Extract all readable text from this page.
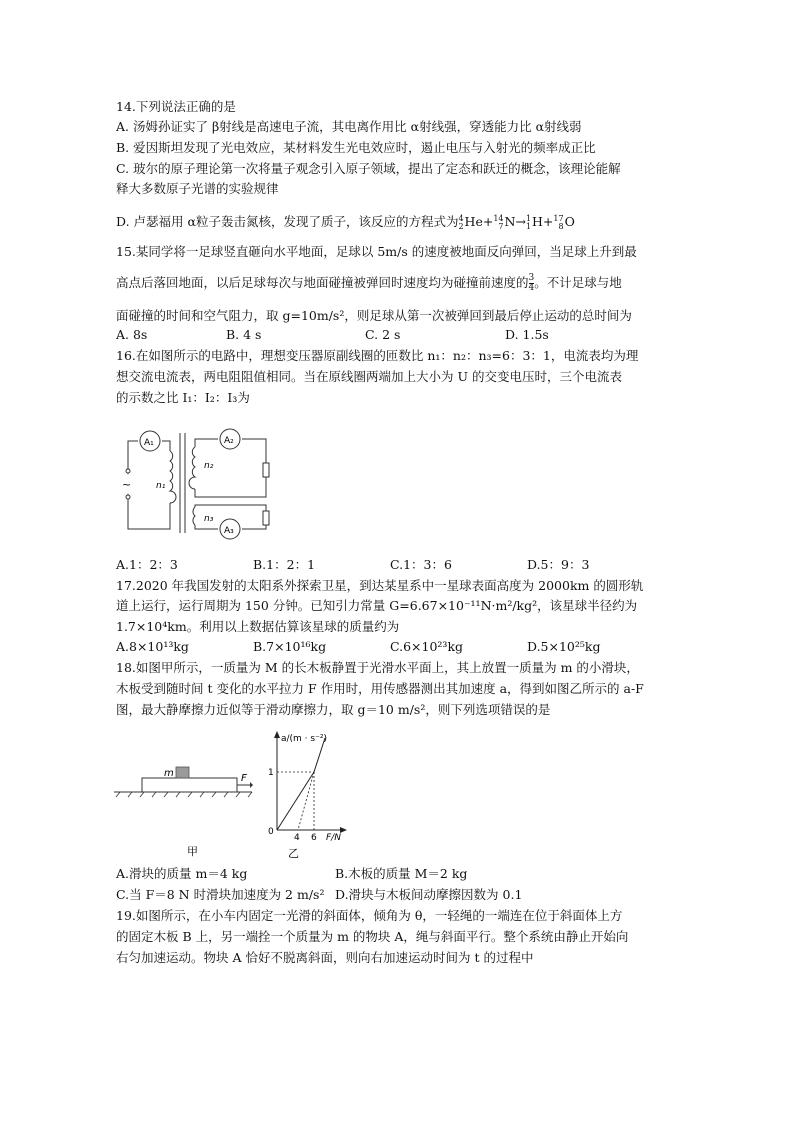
14.下列说法正确的是
A. 汤姆孙证实了 β射线是高速电子流，其电离作用比 α射线强，穿透能力比 α射线弱
B. 爱因斯坦发现了光电效应，某材料发生光电效应时，遏止电压与入射光的频率成正比
C. 玻尔的原子理论第一次将量子观念引入原子领域，提出了定态和跃迁的概念，该理论能解
释大多数原子光谱的实验规律
D. 卢瑟福用 α粒子轰击氮核，发现了质子，该反应的方程式为 4
2 He+ 14
7 N→ 1
1 H+ 17
8 O
15.某同学将一足球竖直砸向水平地面，足球以 5m/s 的速度被地面反向弹回，当足球上升到最
高点后落回地面，以后足球每次与地面碰撞被弹回时速度均为碰撞前速度的 $\frac{3}{4}$ 。不计足球与地
面碰撞的时间和空气阻力，取 g=10m/s²，则足球从第一次被弹回到最后停止运动的总时间为
A. 8s	B. 4 s	C. 2 s	D. 1.5s
16.在如图所示的电路中，理想变压器原副线圈的匝数比 n₁：n₂：n₃=6：3：1，电流表均为理
想交流电流表，两电阻阻值相同。当在原线圈两端加上大小为 U 的交变电压时，三个电流表
的示数之比 I₁：I₂：I₃为
~
A₁	A₂
A₃
n₁
n₂
n₃
A.1：2：3	B.1：2：1	C.1：3：6	D.5：9：3
17.2020 年我国发射的太阳系外探索卫星，到达某星系中一星球表面高度为 2000km 的圆形轨
道上运行，运行周期为 150 分钟。已知引力常量 G=6.67×10⁻¹¹N·m²/kg²，该星球半径约为
1.7×10⁴km。利用以上数据估算该星球的质量约为
A.8×10¹³kg	B.7×10¹⁶kg	C.6×10²³kg	D.5×10²⁵kg
18.如图甲所示，一质量为 M 的长木板静置于光滑水平面上，其上放置一质量为 m 的小滑块，
木板受到随时间 t 变化的水平拉力 F 作用时，用传感器测出其加速度 a，得到如图乙所示的 a-F
图，最大静摩擦力近似等于滑动摩擦力，取 g＝10 m/s²，则下列选项错误的是
m	F
甲
a/(m · s⁻²)
1
0
4 6 F/N
乙
A.滑块的质量 m＝4 kg	B.木板的质量 M＝2 kg
C.当 F＝8 N 时滑块加速度为 2 m/s² D.滑块与木板间动摩擦因数为 0.1
19.如图所示，在小车内固定一光滑的斜面体，倾角为 θ，一轻绳的一端连在位于斜面体上方
的固定木板 B 上，另一端拴一个质量为 m 的物块 A，绳与斜面平行。整个系统由静止开始向
右匀加速运动。物块 A 恰好不脱离斜面，则向右加速运动时间为 t 的过程中
